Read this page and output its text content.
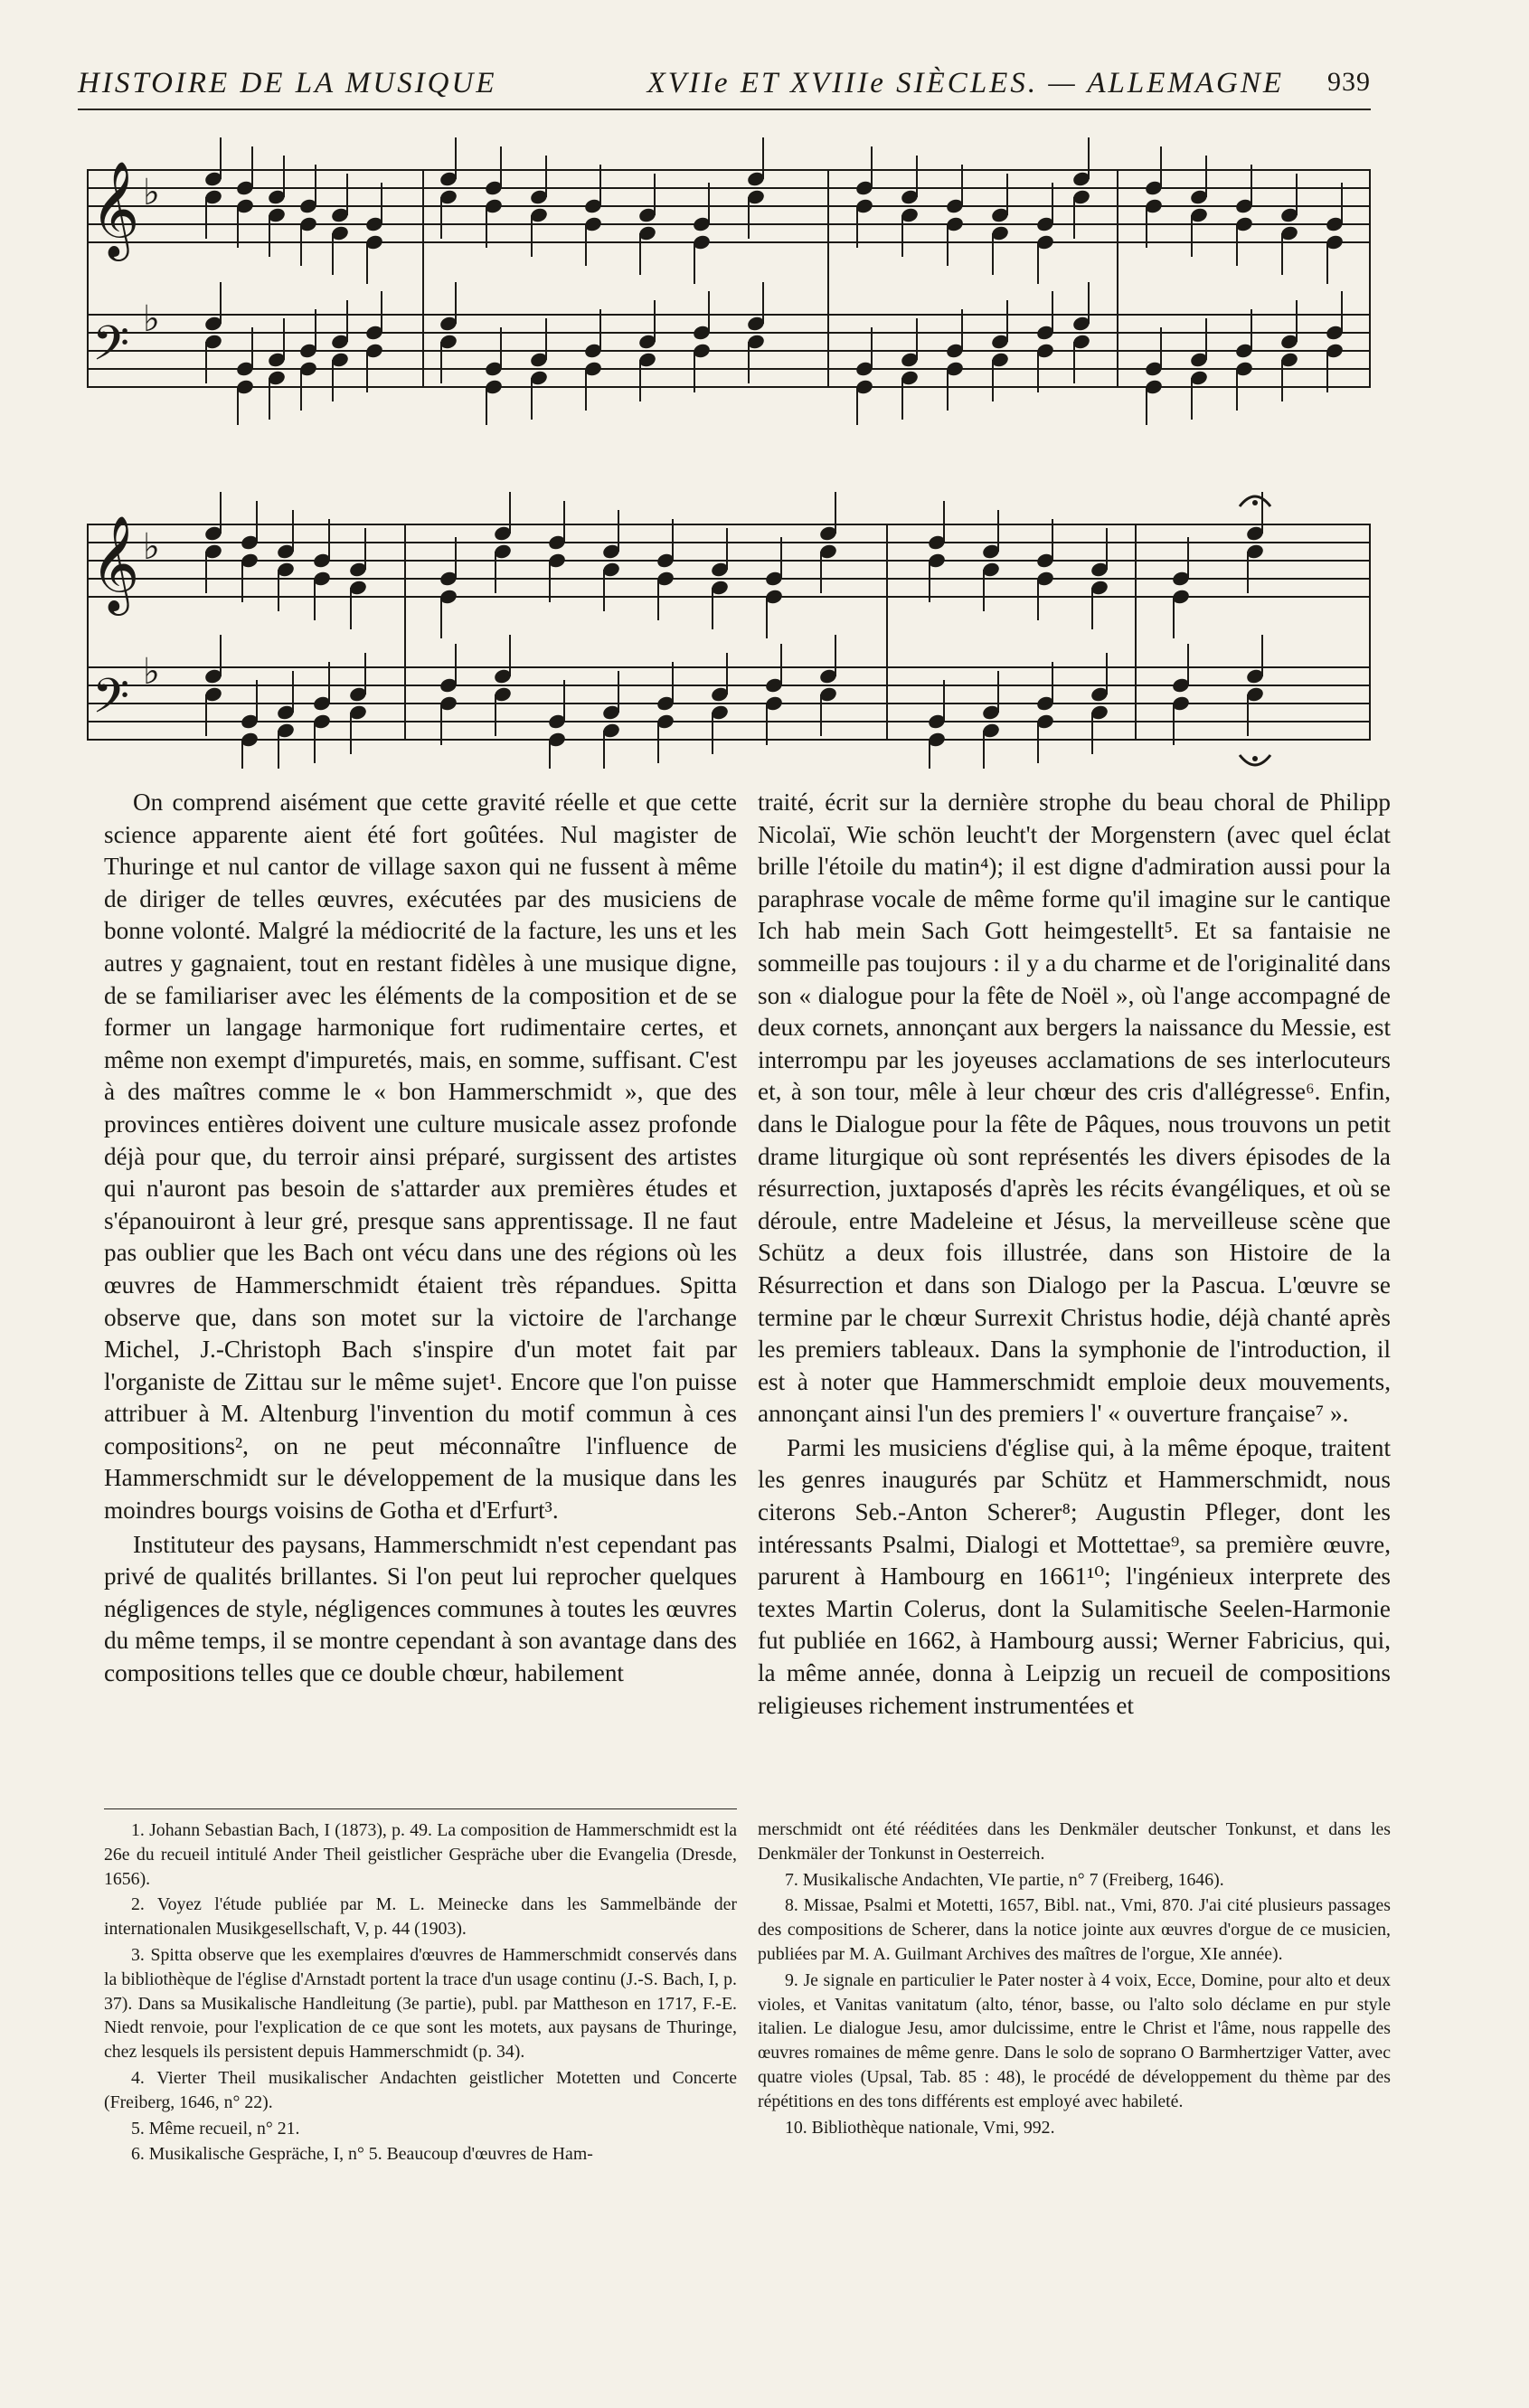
HISTOIRE DE LA MUSIQUE	XVIIe ET XVIIIe SIÈCLES. — ALLEMAGNE 939
𝄞 ♭
𝄢 ♭
𝄞 ♭
𝄢 ♭

On comprend aisément que cette gravité réelle et que cette science apparente aient été fort goûtées. Nul magister de Thuringe et nul cantor de village saxon qui ne fussent à même de diriger de telles œuvres, exécutées par des musiciens de bonne volonté. Malgré la médiocrité de la facture, les uns et les autres y gagnaient, tout en restant fidèles à une musique digne, de se familiariser avec les éléments de la composition et de se former un langage harmonique fort rudimentaire certes, et même non exempt d'impuretés, mais, en somme, suffisant. C'est à des maîtres comme le « bon Hammerschmidt », que des provinces entières doivent une culture musicale assez profonde déjà pour que, du terroir ainsi préparé, surgissent des artistes qui n'auront pas besoin de s'attarder aux premières études et s'épanouiront à leur gré, presque sans apprentissage. Il ne faut pas oublier que les Bach ont vécu dans une des régions où les œuvres de Hammerschmidt étaient très répandues. Spitta observe que, dans son motet sur la victoire de l'archange Michel, J.-Christoph Bach s'inspire d'un motet fait par l'organiste de Zittau sur le même sujet¹. Encore que l'on puisse attribuer à M. Altenburg l'invention du motif commun à ces compositions², on ne peut méconnaître l'influence de Hammerschmidt sur le développement de la musique dans les moindres bourgs voisins de Gotha et d'Erfurt³.

Instituteur des paysans, Hammerschmidt n'est cependant pas privé de qualités brillantes. Si l'on peut lui reprocher quelques négligences de style, négligences communes à toutes les œuvres du même temps, il se montre cependant à son avantage dans des compositions telles que ce double chœur, habilement

traité, écrit sur la dernière strophe du beau choral de Philipp Nicolaï, Wie schön leucht't der Morgenstern (avec quel éclat brille l'étoile du matin⁴); il est digne d'admiration aussi pour la paraphrase vocale de même forme qu'il imagine sur le cantique Ich hab mein Sach Gott heimgestellt⁵. Et sa fantaisie ne sommeille pas toujours : il y a du charme et de l'originalité dans son « dialogue pour la fête de Noël », où l'ange accompagné de deux cornets, annonçant aux bergers la naissance du Messie, est interrompu par les joyeuses acclamations de ses interlocuteurs et, à son tour, mêle à leur chœur des cris d'allégresse⁶. Enfin, dans le Dialogue pour la fête de Pâques, nous trouvons un petit drame liturgique où sont représentés les divers épisodes de la résurrection, juxtaposés d'après les récits évangéliques, et où se déroule, entre Madeleine et Jésus, la merveilleuse scène que Schütz a deux fois illustrée, dans son Histoire de la Résurrection et dans son Dialogo per la Pascua. L'œuvre se termine par le chœur Surrexit Christus hodie, déjà chanté après les premiers tableaux. Dans la symphonie de l'introduction, il est à noter que Hammerschmidt emploie deux mouvements, annonçant ainsi l'un des premiers l' « ouverture française⁷ ».

Parmi les musiciens d'église qui, à la même époque, traitent les genres inaugurés par Schütz et Hammerschmidt, nous citerons Seb.-Anton Scherer⁸; Augustin Pfleger, dont les intéressants Psalmi, Dialogi et Mottettae⁹, sa première œuvre, parurent à Hambourg en 1661¹⁰; l'ingénieux interprete des textes Martin Colerus, dont la Sulamitische Seelen-Harmonie fut publiée en 1662, à Hambourg aussi; Werner Fabricius, qui, la même année, donna à Leipzig un recueil de compositions religieuses richement instrumentées et

1. Johann Sebastian Bach, I (1873), p. 49. La composition de Hammerschmidt est la 26e du recueil intitulé Ander Theil geistlicher Gespräche uber die Evangelia (Dresde, 1656).

2. Voyez l'étude publiée par M. L. Meinecke dans les Sammelbände der internationalen Musikgesellschaft, V, p. 44 (1903).

3. Spitta observe que les exemplaires d'œuvres de Hammerschmidt conservés dans la bibliothèque de l'église d'Arnstadt portent la trace d'un usage continu (J.-S. Bach, I, p. 37). Dans sa Musikalische Handleitung (3e partie), publ. par Mattheson en 1717, F.-E. Niedt renvoie, pour l'explication de ce que sont les motets, aux paysans de Thuringe, chez lesquels ils persistent depuis Hammerschmidt (p. 34).

4. Vierter Theil musikalischer Andachten geistlicher Motetten und Concerte (Freiberg, 1646, n° 22).

5. Même recueil, n° 21.

6. Musikalische Gespräche, I, n° 5. Beaucoup d'œuvres de Ham-

merschmidt ont été rééditées dans les Denkmäler deutscher Tonkunst, et dans les Denkmäler der Tonkunst in Oesterreich.

7. Musikalische Andachten, VIe partie, n° 7 (Freiberg, 1646).

8. Missae, Psalmi et Motetti, 1657, Bibl. nat., Vmi, 870. J'ai cité plusieurs passages des compositions de Scherer, dans la notice jointe aux œuvres d'orgue de ce musicien, publiées par M. A. Guilmant Archives des maîtres de l'orgue, XIe année).

9. Je signale en particulier le Pater noster à 4 voix, Ecce, Domine, pour alto et deux violes, et Vanitas vanitatum (alto, ténor, basse, ou l'alto solo déclame en pur style italien. Le dialogue Jesu, amor dulcissime, entre le Christ et l'âme, nous rappelle des œuvres romaines de même genre. Dans le solo de soprano O Barmhertziger Vatter, avec quatre violes (Upsal, Tab. 85 : 48), le procédé de développement du thème par des répétitions en des tons différents est employé avec habileté.

10. Bibliothèque nationale, Vmi, 992.
